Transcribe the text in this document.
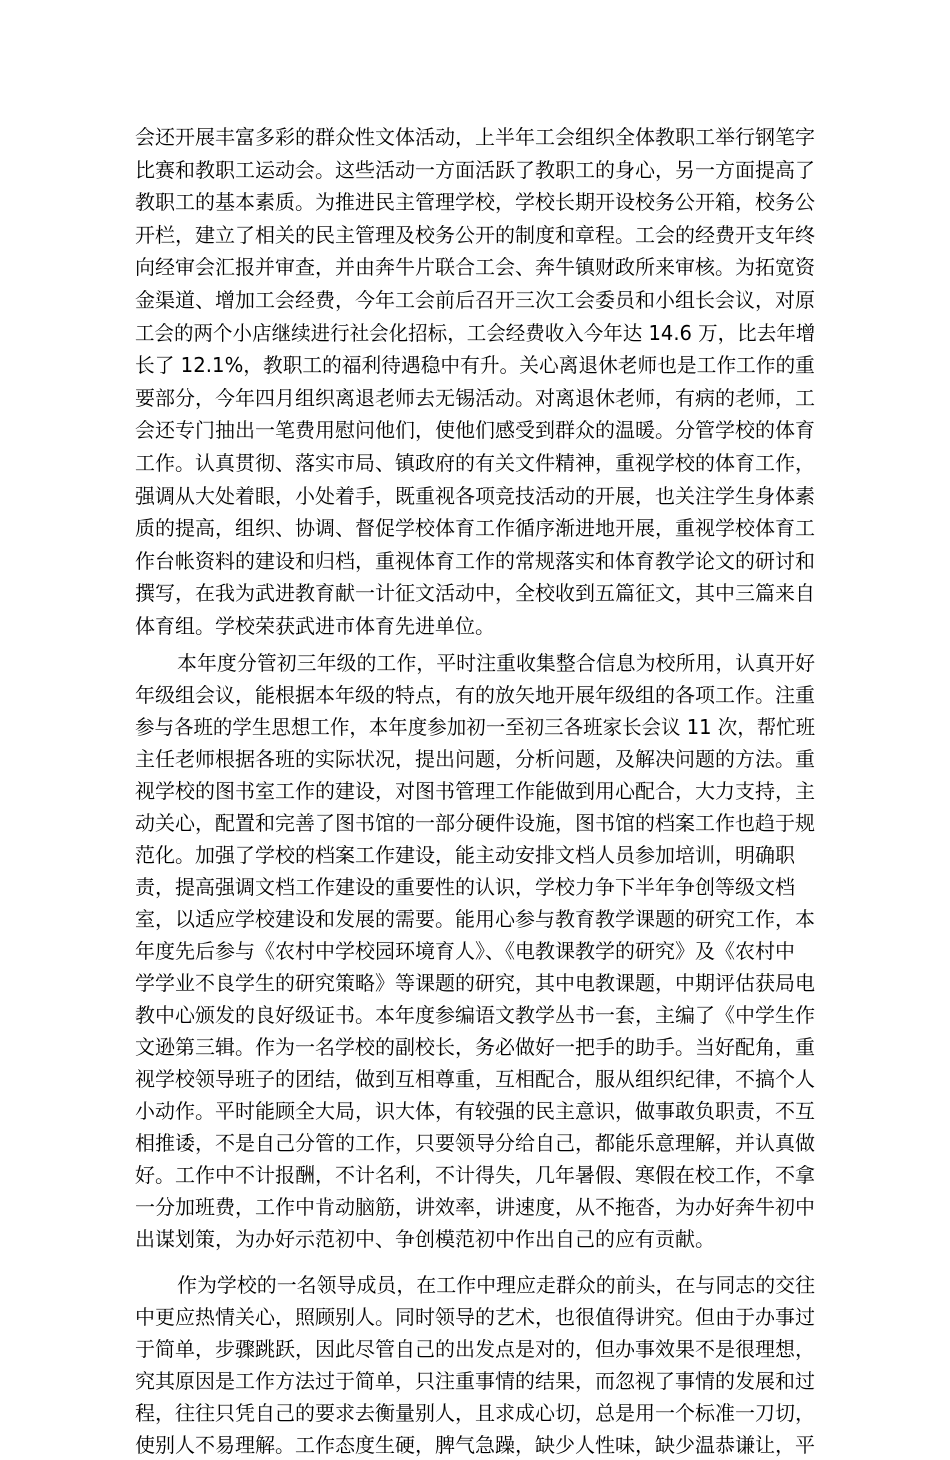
会还开展丰富多彩的群众性文体活动，上半年工会组织全体教职工举行钢笔字
比赛和教职工运动会。这些活动一方面活跃了教职工的身心，另一方面提高了
教职工的基本素质。为推进民主管理学校，学校长期开设校务公开箱，校务公
开栏，建立了相关的民主管理及校务公开的制度和章程。工会的经费开支年终
向经审会汇报并审查，并由奔牛片联合工会、奔牛镇财政所来审核。为拓宽资
金渠道、增加工会经费，今年工会前后召开三次工会委员和小组长会议，对原
工会的两个小店继续进行社会化招标，工会经费收入今年达 14.6 万，比去年增
长了 12.1%，教职工的福利待遇稳中有升。关心离退休老师也是工作工作的重
要部分，今年四月组织离退老师去无锡活动。对离退休老师，有病的老师，工
会还专门抽出一笔费用慰问他们，使他们感受到群众的温暖。分管学校的体育
工作。认真贯彻、落实市局、镇政府的有关文件精神，重视学校的体育工作，
强调从大处着眼，小处着手，既重视各项竞技活动的开展，也关注学生身体素
质的提高，组织、协调、督促学校体育工作循序渐进地开展，重视学校体育工
作台帐资料的建设和归档，重视体育工作的常规落实和体育教学论文的研讨和
撰写，在我为武进教育献一计征文活动中，全校收到五篇征文，其中三篇来自
体育组。学校荣获武进市体育先进单位。
本年度分管初三年级的工作，平时注重收集整合信息为校所用，认真开好
年级组会议，能根据本年级的特点，有的放矢地开展年级组的各项工作。注重
参与各班的学生思想工作，本年度参加初一至初三各班家长会议 11 次，帮忙班
主任老师根据各班的实际状况，提出问题，分析问题，及解决问题的方法。重
视学校的图书室工作的建设，对图书管理工作能做到用心配合，大力支持，主
动关心，配置和完善了图书馆的一部分硬件设施，图书馆的档案工作也趋于规
范化。加强了学校的档案工作建设，能主动安排文档人员参加培训，明确职
责，提高强调文档工作建设的重要性的认识，学校力争下半年争创等级文档
室，以适应学校建设和发展的需要。能用心参与教育教学课题的研究工作，本
年度先后参与《农村中学校园环境育人》、《电教课教学的研究》及《农村中
学学业不良学生的研究策略》等课题的研究，其中电教课题，中期评估获局电
教中心颁发的良好级证书。本年度参编语文教学丛书一套，主编了《中学生作
文逊第三辑。作为一名学校的副校长，务必做好一把手的助手。当好配角，重
视学校领导班子的团结，做到互相尊重，互相配合，服从组织纪律，不搞个人
小动作。平时能顾全大局，识大体，有较强的民主意识，做事敢负职责，不互
相推诿，不是自己分管的工作，只要领导分给自己，都能乐意理解，并认真做
好。工作中不计报酬，不计名利，不计得失，几年暑假、寒假在校工作，不拿
一分加班费，工作中肯动脑筋，讲效率，讲速度，从不拖沓，为办好奔牛初中
出谋划策，为办好示范初中、争创模范初中作出自己的应有贡献。
作为学校的一名领导成员，在工作中理应走群众的前头，在与同志的交往
中更应热情关心，照顾别人。同时领导的艺术，也很值得讲究。但由于办事过
于简单，步骤跳跃，因此尽管自己的出发点是对的，但办事效果不是很理想，
究其原因是工作方法过于简单，只注重事情的结果，而忽视了事情的发展和过
程，往往只凭自己的要求去衡量别人，且求成心切，总是用一个标准一刀切，
使别人不易理解。工作态度生硬，脾气急躁，缺少人性味，缺少温恭谦让，平
